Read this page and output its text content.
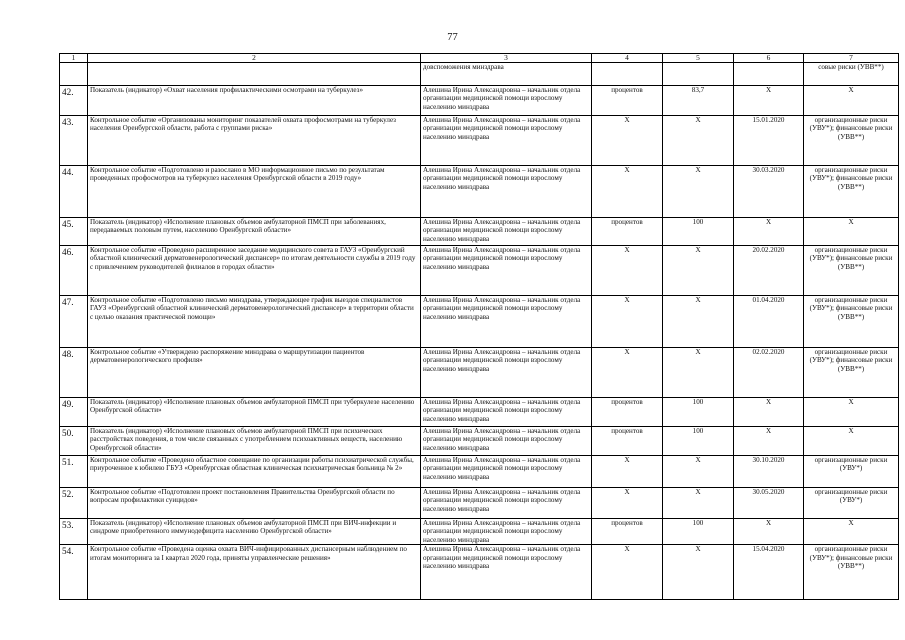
77
1	2	3	4	5	6	7
		довспоможения минздрава				совые риски (УВВ**)
42.	Показатель (индикатор) «Охват населения профилактическими осмотрами на туберкулез»	Алешина Ирина Александровна – начальник отдела организации медицинской помощи взрослому населению минздрава	процентов	83,7	X	X
43.	Контрольное событие «Организованы мониторинг показателей охвата профосмотрами на туберкулез населения Оренбургской области, работа с группами риска»	Алешина Ирина Александровна – начальник отдела организации медицинской помощи взрослому населению минздрава	X	X	15.01.2020	организационные риски (УВУ*); финансовые риски (УВВ**)
44.	Контрольное событие «Подготовлено и разослано в МО информационное письмо по результатам проведенных профосмотров на туберкулез населения Оренбургской области в 2019 году»	Алешина Ирина Александровна – начальник отдела организации медицинской помощи взрослому населению минздрава	X	X	30.03.2020	организационные риски (УВУ*); финансовые риски (УВВ**)
45.	Показатель (индикатор) «Исполнение плановых объемов амбулаторной ПМСП при заболеваниях, передаваемых половым путем, населению Оренбургской области»	Алешина Ирина Александровна – начальник отдела организации медицинской помощи взрослому населению минздрава	процентов	100	X	X
46.	Контрольное событие «Проведено расширенное заседание медицинского совета в ГАУЗ «Оренбургский областной клинический дерматовенерологический диспансер» по итогам деятельности службы в 2019 году с привлечением руководителей филиалов в городах области»	Алешина Ирина Александровна – начальник отдела организации медицинской помощи взрослому населению минздрава	X	X	20.02.2020	организационные риски (УВУ*); финансовые риски (УВВ**)
47.	Контрольное событие «Подготовлено письмо минздрава, утверждающее график выездов специалистов ГАУЗ «Оренбургский областной клинический дерматовенерологический диспансер» в территории области с целью оказания практической помощи»	Алешина Ирина Александровна – начальник отдела организации медицинской помощи взрослому населению минздрава	X	X	01.04.2020	организационные риски (УВУ*); финансовые риски (УВВ**)
48.	Контрольное событие «Утверждено распоряжение минздрава о маршрутизации пациентов дерматовенерологического профиля»	Алешина Ирина Александровна – начальник отдела организации медицинской помощи взрослому населению минздрава	X	X	02.02.2020	организационные риски (УВУ*); финансовые риски (УВВ**)
49.	Показатель (индикатор) «Исполнение плановых объемов амбулаторной ПМСП при туберкулезе населению Оренбургской области»	Алешина Ирина Александровна – начальник отдела организации медицинской помощи взрослому населению минздрава	процентов	100	X	X
50.	Показатель (индикатор) «Исполнение плановых объемов амбулаторной ПМСП при психических расстройствах поведения, в том числе связанных с употреблением психоактивных веществ, населению Оренбургской области»	Алешина Ирина Александровна – начальник отдела организации медицинской помощи взрослому населению минздрава	процентов	100	X	X
51.	Контрольное событие «Проведено областное совещание по организации работы психиатрической службы, приуроченное к юбилею ГБУЗ «Оренбургская областная клиническая психиатрическая больница № 2»	Алешина Ирина Александровна – начальник отдела организации медицинской помощи взрослому населению минздрава	X	X	30.10.2020	организационные риски (УВУ*)
52.	Контрольное событие «Подготовлен проект постановления Правительства Оренбургской области по вопросам профилактики суицидов»	Алешина Ирина Александровна – начальник отдела организации медицинской помощи взрослому населению минздрава	X	X	30.05.2020	организационные риски (УВУ*)
53.	Показатель (индикатор) «Исполнение плановых объемов амбулаторной ПМСП при ВИЧ-инфекции и синдроме приобретенного иммунодефицита населению Оренбургской области»	Алешина Ирина Александровна – начальник отдела организации медицинской помощи взрослому населению минздрава	процентов	100	X	X
54.	Контрольное событие «Проведена оценка охвата ВИЧ-инфицированных диспансерным наблюдением по итогам мониторинга за I квартал 2020 года, приняты управленческие решения»	Алешина Ирина Александровна – начальник отдела организации медицинской помощи взрослому населению минздрава	X	X	15.04.2020	организационные риски (УВУ*); финансовые риски (УВВ**)
